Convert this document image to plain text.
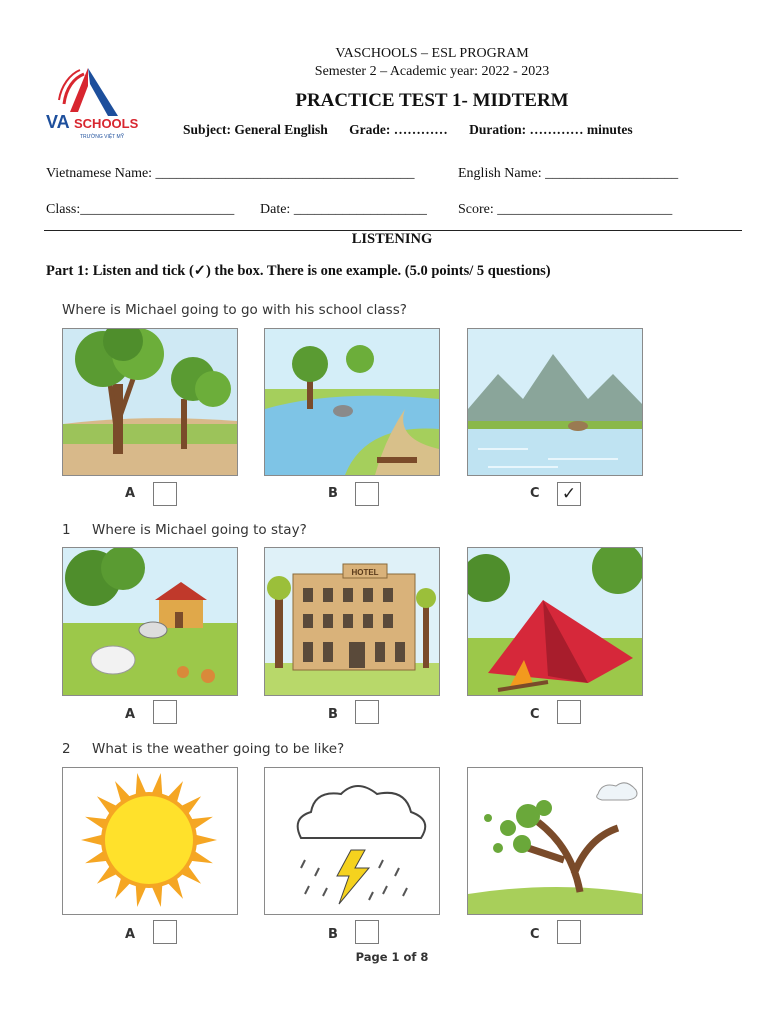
VA SCHOOLS
TRƯỜNG VIỆT MỸ
VASCHOOLS – ESL PROGRAM
Semester 2 – Academic year: 2022 - 2023
PRACTICE TEST 1- MIDTERM
Subject: General English Grade: ………… Duration: ………… minutes
Vietnamese Name: _____________________________________	English Name: ___________________
Class:______________________ Date: ___________________ Score: _________________________
LISTENING
Part 1: Listen and tick (✓) the box. There is one example. (5.0 points/ 5 questions)
Where is Michael going to go with his school class?
A	B	C ✓
1 Where is Michael going to stay?
A
HOTEL
B	C
2 What is the weather going to be like?
A	B	C
Page 1 of 8
